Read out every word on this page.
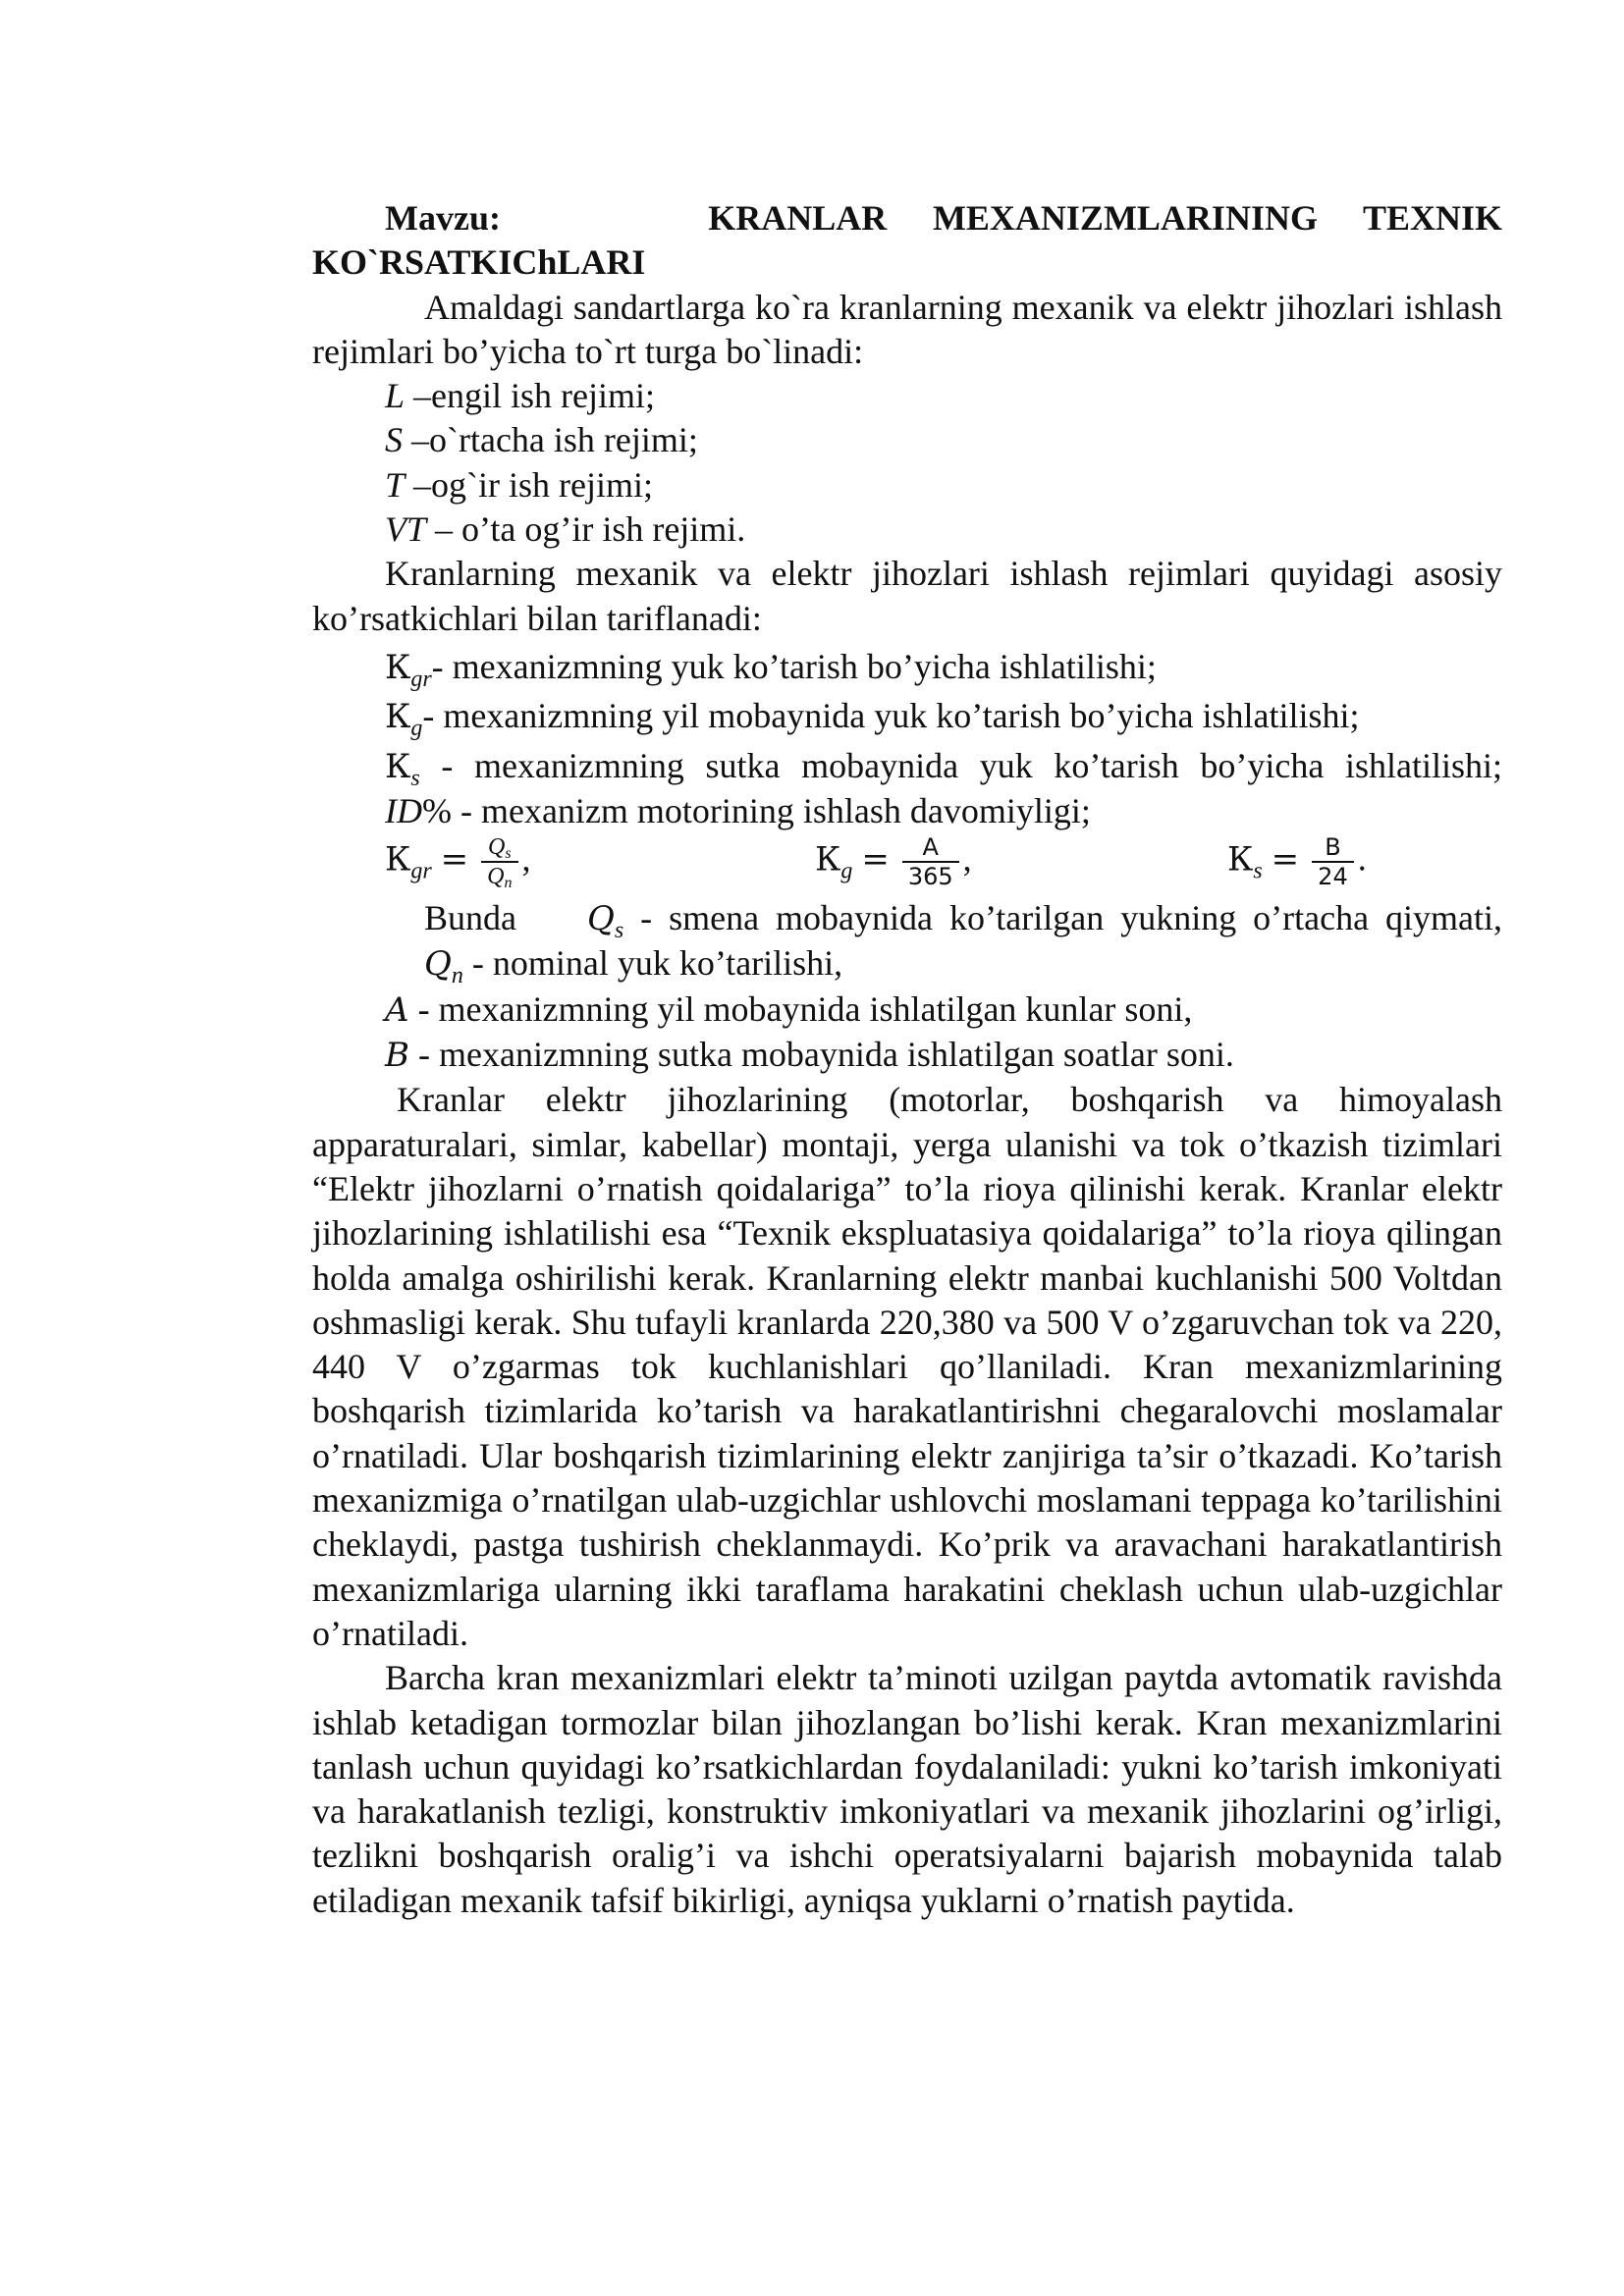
Mavzu:	KRANLAR MEXANIZMLARINING TEXNIK

KO`RSATKIChLARI

Amaldagi sandartlarga ko`ra kranlarning mexanik va elektr jihozlari ishlash rejimlari bo’yicha to`rt turga bo`linadi:

L –engil ish rejimi;

S –o`rtacha ish rejimi;

T –og`ir ish rejimi;

VT – o’ta og’ir ish rejimi.

Kranlarning mexanik va elektr jihozlari ishlash rejimlari quyidagi asosiy ko’rsatkichlari bilan tariflanadi:

$К_{gr}-$ mexanizmning yuk ko’tarish bo’yicha ishlatilishi;

$К_g-$ mexanizmning yil mobaynida yuk ko’tarish bo’yicha ishlatilishi;

$К_s$ - mexanizmning sutka mobaynida yuk ko’tarish bo’yicha ishlatilishi;

ID% - mexanizm motorining ishlash davomiyligi;

$К_{gr} = \frac{Q_s}{Q_n}$ ,	$К_g = \frac{A}{365}$ ,	$К_s = \frac{B}{24}$ .

Bunda $Q_s$ - smena mobaynida ko’tarilgan yukning o’rtacha qiymati,

$Q_n$ - nominal yuk ko’tarilishi,

A - mexanizmning yil mobaynida ishlatilgan kunlar soni,

B - mexanizmning sutka mobaynida ishlatilgan soatlar soni.

Kranlar elektr jihozlarining (motorlar, boshqarish va himoyalash apparaturalari, simlar, kabellar) montaji, yerga ulanishi va tok o’tkazish tizimlari “Elektr jihozlarni o’rnatish qoidalariga” to’la rioya qilinishi kerak. Kranlar elektr jihozlarining ishlatilishi esa “Texnik ekspluatasiya qoidalariga” to’la rioya qilingan holda amalga oshirilishi kerak. Kranlarning elektr manbai kuchlanishi 500 Voltdan oshmasligi kerak. Shu tufayli kranlarda 220,380 va 500 V o’zgaruvchan tok va 220, 440 V o’zgarmas tok kuchlanishlari qo’llaniladi. Kran mexanizmlarining boshqarish tizimlarida ko’tarish va harakatlantirishni chegaralovchi moslamalar o’rnatiladi. Ular boshqarish tizimlarining elektr zanjiriga ta’sir o’tkazadi. Ko’tarish mexanizmiga o’rnatilgan ulab-uzgichlar ushlovchi moslamani teppaga ko’tarilishini cheklaydi, pastga tushirish cheklanmaydi. Ko’prik va aravachani harakatlantirish mexanizmlariga ularning ikki taraflama harakatini cheklash uchun ulab-uzgichlar o’rnatiladi.

Barcha kran mexanizmlari elektr ta’minoti uzilgan paytda avtomatik ravishda ishlab ketadigan tormozlar bilan jihozlangan bo’lishi kerak. Kran mexanizmlarini tanlash uchun quyidagi ko’rsatkichlardan foydalaniladi: yukni ko’tarish imkoniyati va harakatlanish tezligi, konstruktiv imkoniyatlari va mexanik jihozlarini og’irligi, tezlikni boshqarish oralig’i va ishchi operatsiyalarni bajarish mobaynida talab etiladigan mexanik tafsif bikirligi, ayniqsa yuklarni o’rnatish paytida.
